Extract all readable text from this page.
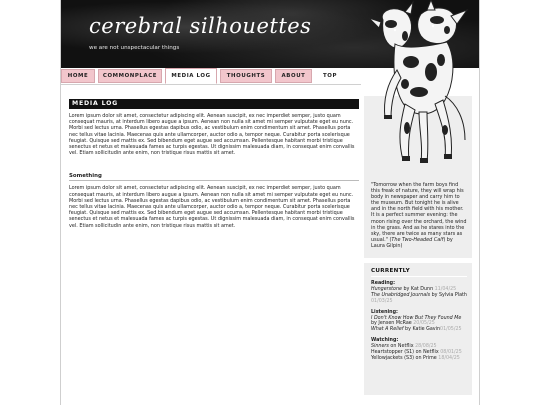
cerebral silhouettes
we are not unspectacular things
HOME	COMMONPLACE	MEDIA LOG	THOUGHTS	ABOUT	TOP
MEDIA LOG
Lorem ipsum dolor sit amet, consectetur adipiscing elit. Aenean suscipit, ex nec imperdiet semper, justo quam consequat mauris, at interdum libero augue a ipsum. Aenean non nulla sit amet mi semper vulputate eget eu nunc. Morbi sed lectus urna. Phasellus egestas dapibus odio, ac vestibulum enim condimentum sit amet. Phasellus porta nec tellus vitae lacinia. Maecenas quis ante ullamcorper, auctor odio a, tempor neque. Curabitur porta scelerisque feugiat. Quisque sed mattis ex. Sed bibendum eget augue sed accumsan. Pellentesque habitant morbi tristique senectus et netus et malesuada fames ac turpis egestas. Ut dignissim malesuada diam, in consequat enim convallis vel. Etiam sollicitudin ante enim, non tristique risus mattis sit amet.
Something
Lorem ipsum dolor sit amet, consectetur adipiscing elit. Aenean suscipit, ex nec imperdiet semper, justo quam consequat mauris, at interdum libero augue a ipsum. Aenean non nulla sit amet mi semper vulputate eget eu nunc. Morbi sed lectus urna. Phasellus egestas dapibus odio, ac vestibulum enim condimentum sit amet. Phasellus porta nec tellus vitae lacinia. Maecenas quis ante ullamcorper, auctor odio a, tempor neque. Curabitur porta scelerisque feugiat. Quisque sed mattis ex. Sed bibendum eget augue sed accumsan. Pellentesque habitant morbi tristique senectus et netus et malesuada fames ac turpis egestas. Ut dignissim malesuada diam, in consequat enim convallis vel. Etiam sollicitudin ante enim, non tristique risus mattis sit amet.
"Tomorrow when the farm boys find this freak of nature, they will wrap his body in newspaper and carry him to the museum. But tonight he is alive and in the north field with his mother. It is a perfect summer evening: the moon rising over the orchard, the wind in the grass. And as he stares into the sky, there are twice as many stars as usual." (The Two-Headed Calf) by Laura Gilpin)
CURRENTLY
Reading:
Hungerstone by Kat Dunn 11/04/25
The Unabridged Journals by Sylvia Plath 01/03/25
Listening:
I Don't Know How But They Found Me by Jensen McRae 20/05/25
What A Relief by Katie Gavin01/05/25
Watching:
Sinners on Netflix 28/08/25
Heartstopper (S1) on Netflix 08/01/25
Yellowjackets (S3) on Prime 18/04/25
